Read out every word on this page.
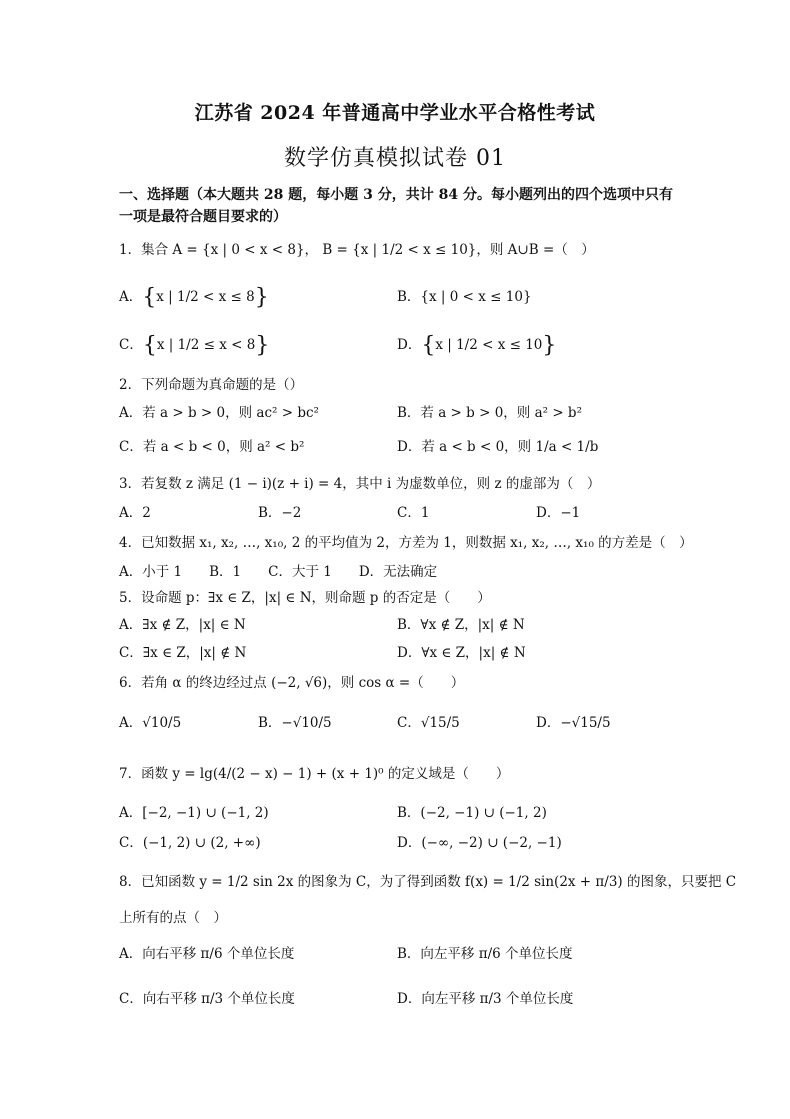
江苏省 2024 年普通高中学业水平合格性考试
数学仿真模拟试卷 01
一、选择题（本大题共 28 题，每小题 3 分，共计 84 分。每小题列出的四个选项中只有一项是最符合题目要求的）
1．集合 A = {x | 0 < x < 8}， B = {x | 1/2 < x ≤ 10}，则 A∪B =（　）
A．{x | 1/2 < x ≤ 8}	B．{x | 0 < x ≤ 10}
C．{x | 1/2 ≤ x < 8}	D．{x | 1/2 < x ≤ 10}
2．下列命题为真命题的是（）
A．若 a > b > 0，则 ac² > bc²	B．若 a > b > 0，则 a² > b²
C．若 a < b < 0，则 a² < b²	D．若 a < b < 0，则 1/a < 1/b
3．若复数 z 满足 (1 − i)(z + i) = 4，其中 i 为虚数单位，则 z 的虚部为（　）
A．2	B．−2	C．1	D．−1
4．已知数据 x₁, x₂, …, x₁₀, 2 的平均值为 2，方差为 1，则数据 x₁, x₂, …, x₁₀ 的方差是（　）
A．小于 1　　B．1　　C．大于 1　　D．无法确定
5．设命题 p：∃x ∈ Z，|x| ∈ N，则命题 p 的否定是（　　）
A．∃x ∉ Z，|x| ∈ N	B．∀x ∉ Z，|x| ∉ N
C．∃x ∈ Z，|x| ∉ N	D．∀x ∈ Z，|x| ∉ N
6．若角 α 的终边经过点 (−2, √6)，则 cos α =（　　）
A．√10/5	B．−√10/5	C．√15/5	D．−√15/5
7．函数 y = lg(4/(2 − x) − 1) + (x + 1)⁰ 的定义域是（　　）
A．[−2, −1) ∪ (−1, 2)	B．(−2, −1) ∪ (−1, 2)
C．(−1, 2) ∪ (2, +∞)	D．(−∞, −2) ∪ (−2, −1)
8．已知函数 y = 1/2 sin 2x 的图象为 C，为了得到函数 f(x) = 1/2 sin(2x + π/3) 的图象，只要把 C
上所有的点（　）
A．向右平移 π/6 个单位长度	B．向左平移 π/6 个单位长度
C．向右平移 π/3 个单位长度	D．向左平移 π/3 个单位长度
